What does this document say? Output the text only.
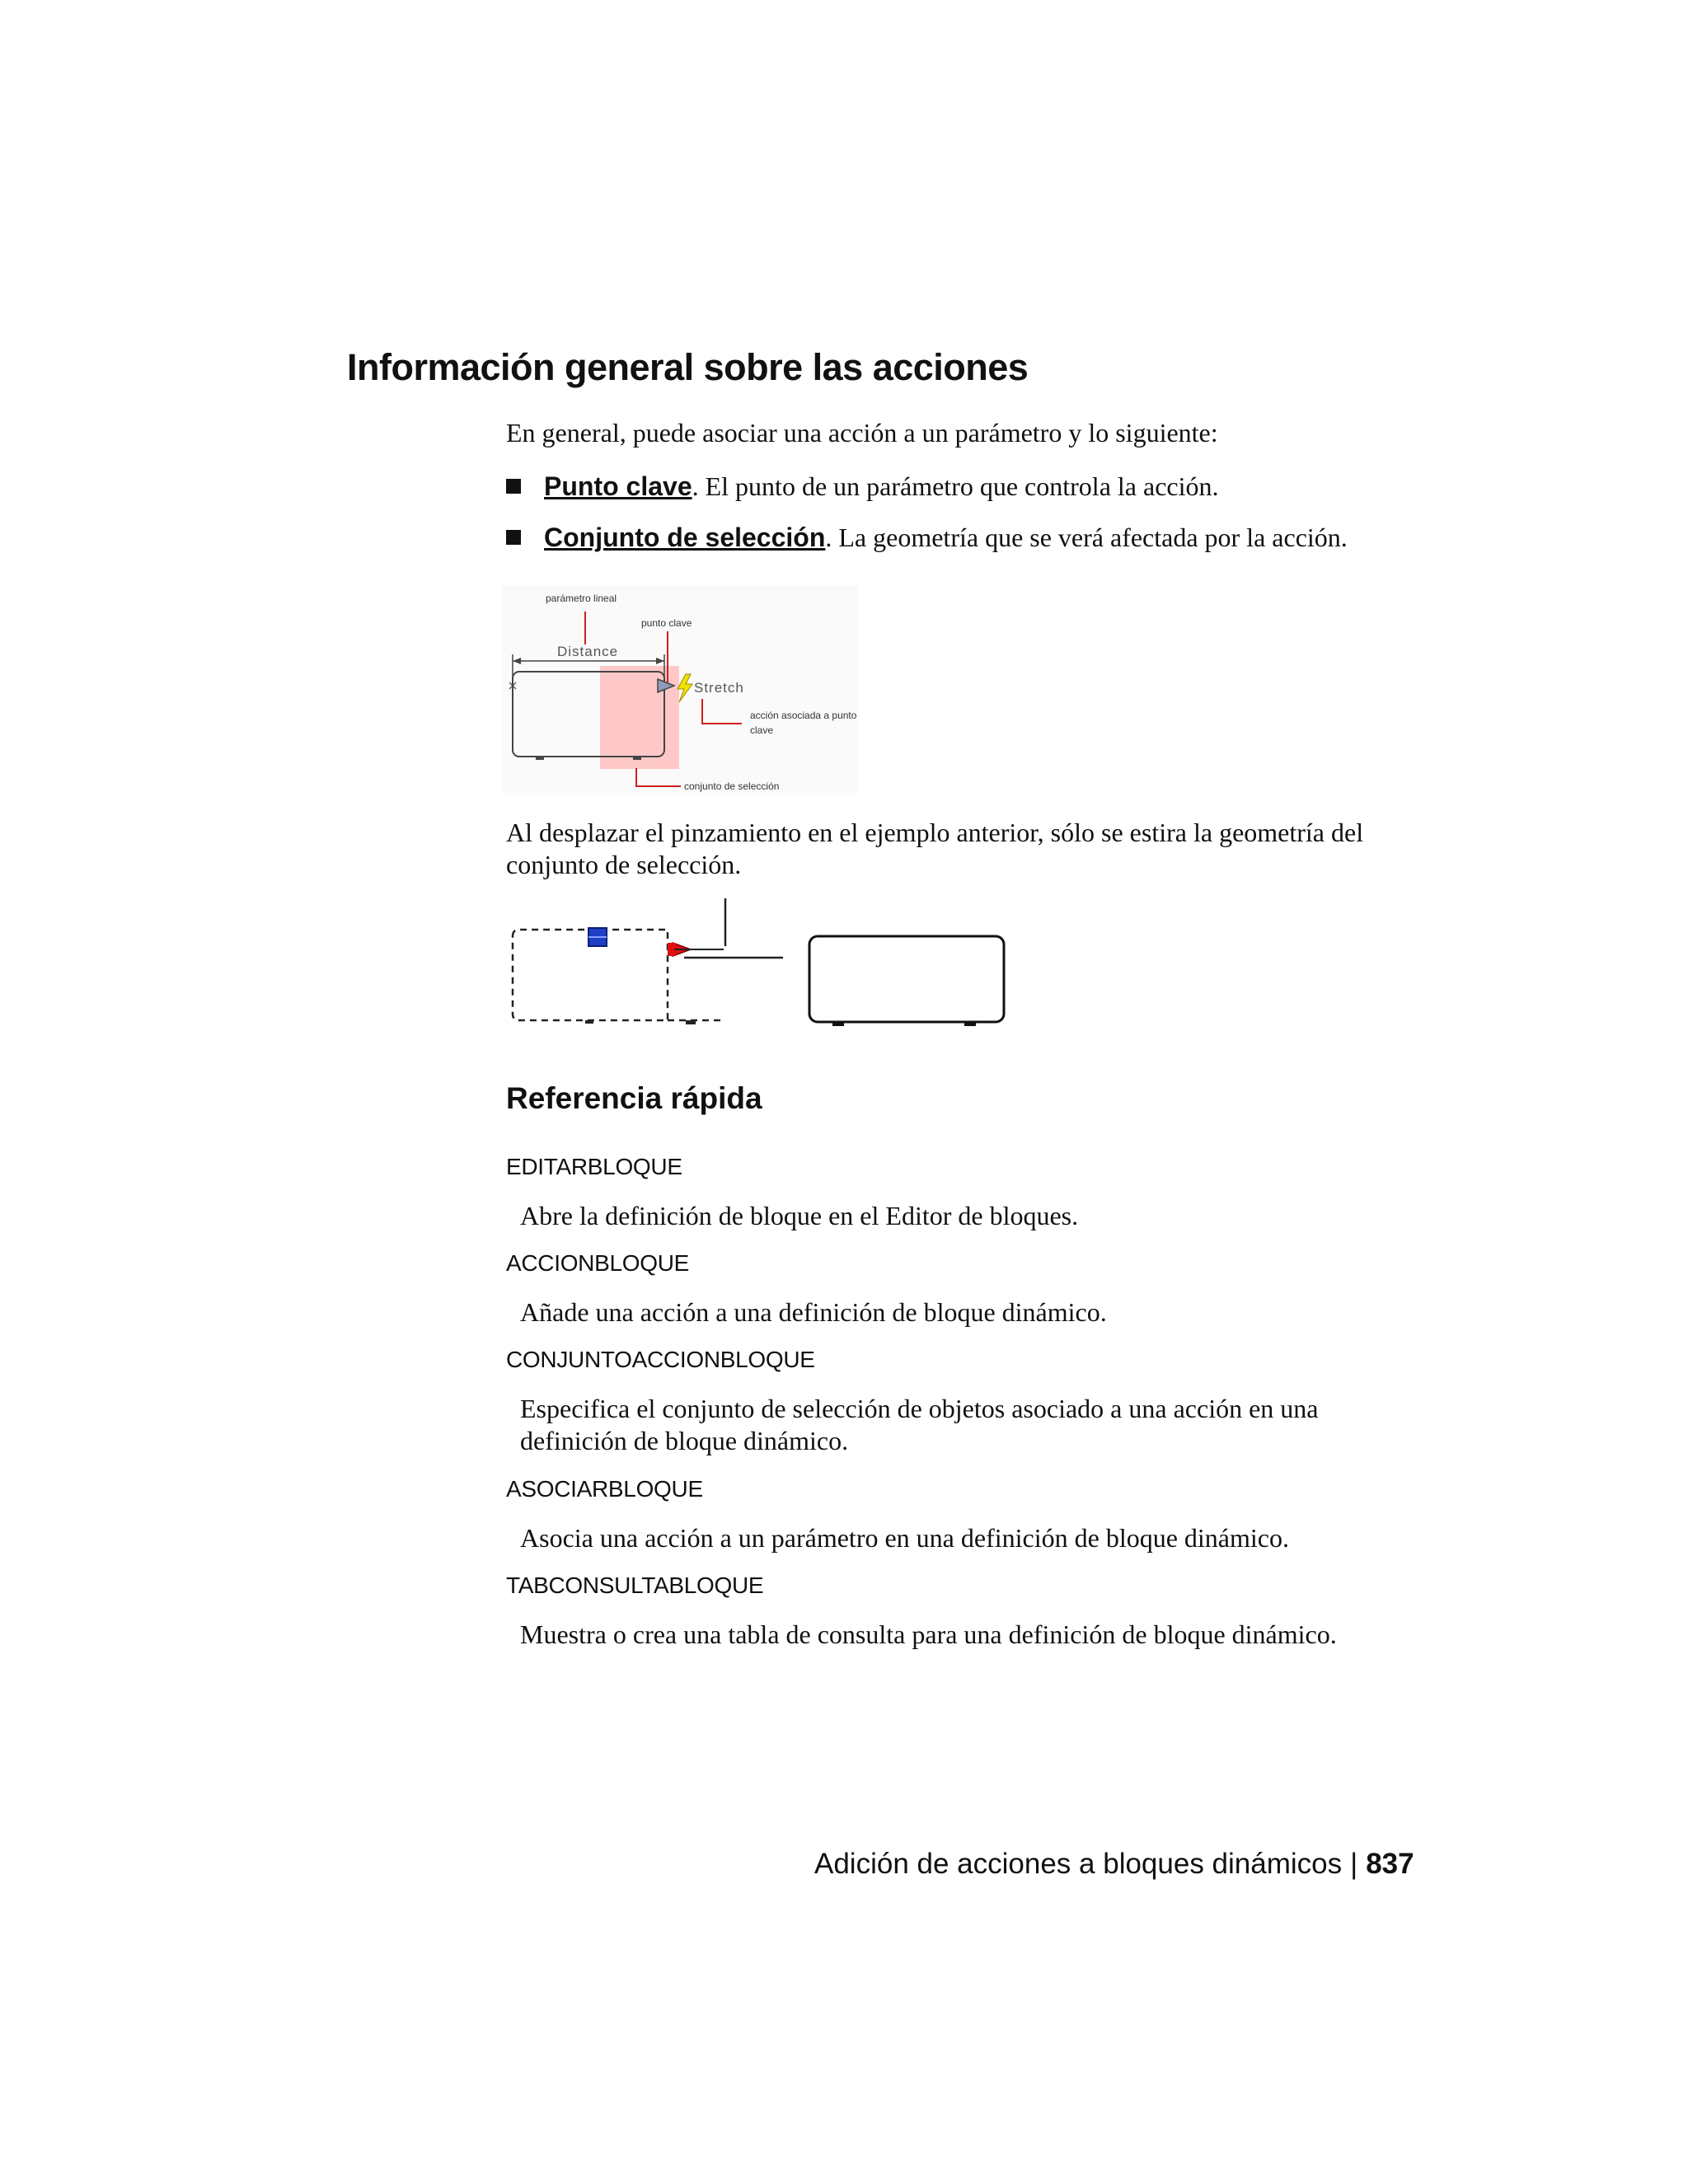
Información general sobre las acciones
En general, puede asociar una acción a un parámetro y lo siguiente:
Punto clave. El punto de un parámetro que controla la acción.
Conjunto de selección. La geometría que se verá afectada por la acción.
parámetro lineal
punto clave
Distance
Stretch
acción asociada a punto
clave
conjunto de selección
Al desplazar el pinzamiento en el ejemplo anterior, sólo se estira la geometría del conjunto de selección.
Referencia rápida
EDITARBLOQUE
Abre la definición de bloque en el Editor de bloques.
ACCIONBLOQUE
Añade una acción a una definición de bloque dinámico.
CONJUNTOACCIONBLOQUE
Especifica el conjunto de selección de objetos asociado a una acción en una definición de bloque dinámico.
ASOCIARBLOQUE
Asocia una acción a un parámetro en una definición de bloque dinámico.
TABCONSULTABLOQUE
Muestra o crea una tabla de consulta para una definición de bloque dinámico.
Adición de acciones a bloques dinámicos | 837
